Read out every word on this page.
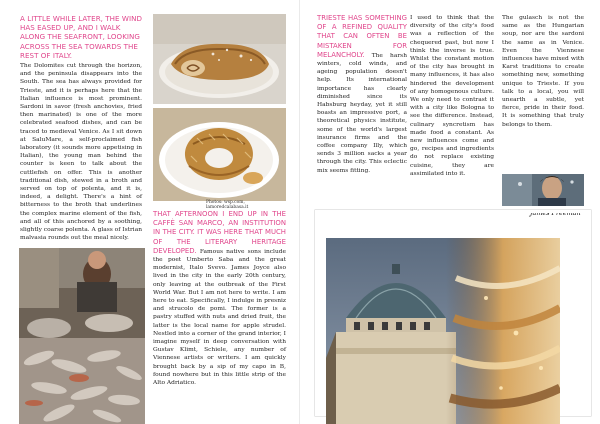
A LITTLE WHILE LATER, THE WIND HAS EASED UP, AND I WALK ALONG THE SEAFRONT, LOOKING ACROSS THE SEA TOWARDS THE REST OF ITALY.

The Dolomites cut through the horizon, and the peninsula disappears into the South. The sea has always provided for Trieste, and it is perhaps here that the Italian influence is most prominent. Sardoni in savor (fresh anchovies, fried then marinated) is one of the more celebrated seafood dishes, and can be traced to medieval Venice. As I sit down at SaluMare, a self-proclaimed fish laboratory (it sounds more appetising in Italian), the young man behind the counter is keen to talk about the cuttlefish on offer. This is another traditional dish, stewed in a broth and served on top of polenta, and it is, indeed, a delight. There's a hint of bitterness to the broth that underlines the complex marine element of the fish, and all of this anchored by a soothing, slightly coarse polenta. A glass of Istrian malvasia rounds out the meal nicely.

Photos: wsp.com, lamoredcalabasa.it

THAT AFTERNOON I END UP IN THE CAFFÈ SAN MARCO, AN INSTITUTION IN THE CITY. IT WAS HERE THAT MUCH OF THE LITERARY HERITAGE DEVELOPED. Famous native sons include the poet Umberto Saba and the great modernist, Italo Svevo. James Joyce also lived in the city in the early 20th century, only leaving at the outbreak of the First World War. But I am not here to write. I am here to eat. Specifically, I indulge in presniz and strucolo de pomi. The former is a pastry stuffed with nuts and dried fruit, the latter is the local name for apple strudel. Nestled into a corner of the grand interior, I imagine myself in deep conversation with Gustav Klimt, Schiele, any number of Viennese artists or writers. I am quickly brought back by a sip of my capo in B, found nowhere but in this little strip of the Alto Adriatico.

TRIESTE HAS SOMETHING OF A REFINED QUALITY THAT CAN OFTEN BE MISTAKEN FOR MELANCHOLY. The harsh winters, cold winds, and ageing population doesn't help. Its international importance has clearly diminished since its Habsburg heyday, yet it still boasts an impressive port, a theoretical physics institute, some of the world's largest insurance firms and the coffee company Illy, which sends 3 million sacks a year through the city. This eclectic mix seems fitting.

I used to think that the diversity of the city's food was a reflection of the chequered past, but now I think the inverse is true. Whilst the constant motion of the city has brought in many influences, it has also hindered the development of any homogenous culture. We only need to contrast it with a city like Bologna to see the difference. Instead, culinary syncretism has made food a constant. As new influences come and go, recipes and ingredients do not replace existing cuisine, they are assimilated into it.

The gulasch is not the same as the Hungarian soup, nor are the sardoni the same as in Venice. Even the Viennese influences have mixed with Karst traditions to create something new, something unique to Trieste. If you talk to a local, you will unearth a subtle, yet fierce, pride in their food. It is something that truly belongs to them.

James Freeman
